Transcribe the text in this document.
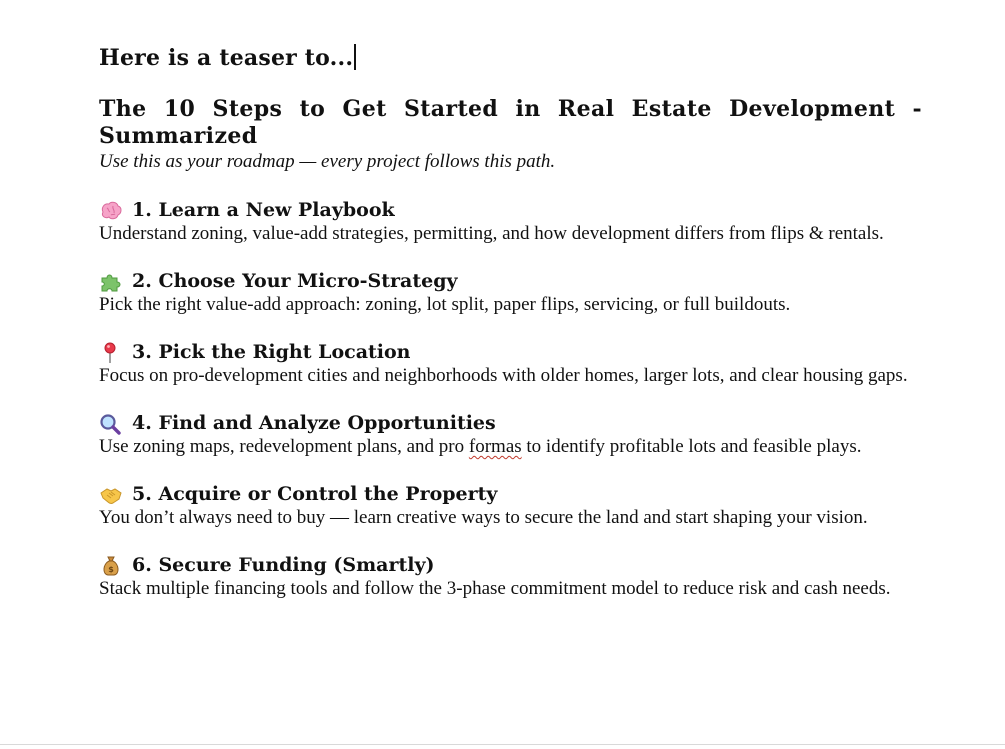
Here is a teaser to...

The 10 Steps to Get Started in Real Estate Development - Summarized

Use this as your roadmap — every project follows this path.

1. Learn a New Playbook

Understand zoning, value-add strategies, permitting, and how development differs from flips & rentals.

2. Choose Your Micro-Strategy

Pick the right value-add approach: zoning, lot split, paper flips, servicing, or full buildouts.

3. Pick the Right Location

Focus on pro-development cities and neighborhoods with older homes, larger lots, and clear housing gaps.

4. Find and Analyze Opportunities

Use zoning maps, redevelopment plans, and pro formas to identify profitable lots and feasible plays.

5. Acquire or Control the Property

You don’t always need to buy — learn creative ways to secure the land and start shaping your vision.

$ 6. Secure Funding (Smartly)

Stack multiple financing tools and follow the 3-phase commitment model to reduce risk and cash needs.
